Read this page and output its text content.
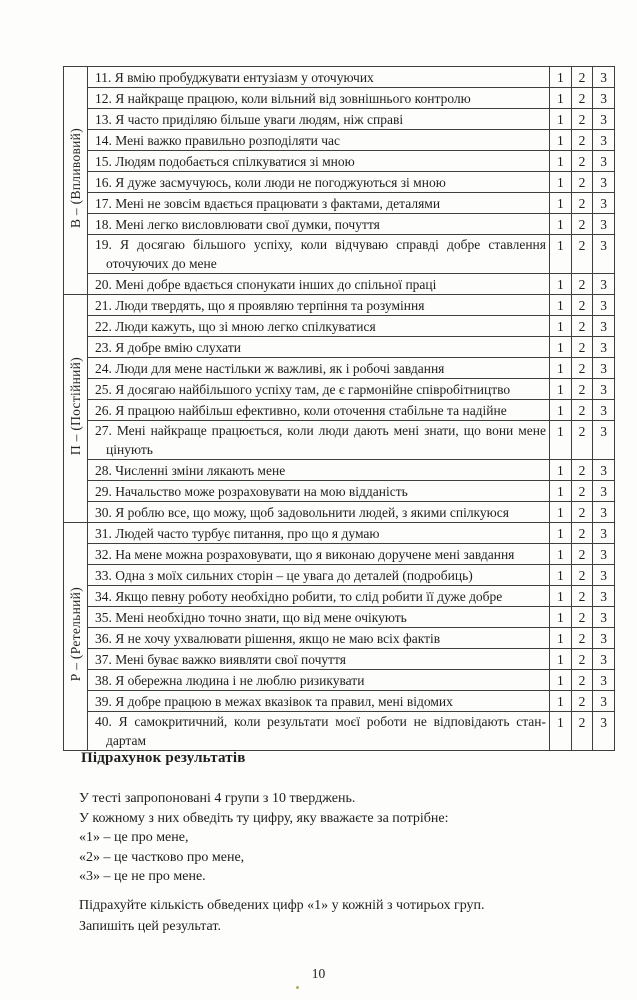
В – (Впливовий)	11. Я вмію пробуджувати ентузіазм у оточуючих	1	2	3

	12. Я найкраще працюю, коли вільний від зовнішнього контролю	1	2	3

	13. Я часто приділяю більше уваги людям, ніж справі	1	2	3

	14. Мені важко правильно розподіляти час	1	2	3

	15. Людям подобається спілкуватися зі мною	1	2	3

	16. Я дуже засмучуюсь, коли люди не погоджуються зі мною	1	2	3

	17. Мені не зовсім вдається працювати з фактами, деталями	1	2	3

	18. Мені легко висловлювати свої думки, почуття	1	2	3

	19. Я досягаю більшого успіху, коли відчуваю справді добре ставлення оточуючих до мене	1	2	3

	20. Мені добре вдається спонукати інших до спільної праці	1	2	3
П – (Постійний)	21. Люди твердять, що я проявляю терпіння та розуміння	1	2	3

	22. Люди кажуть, що зі мною легко спілкуватися	1	2	3

	23. Я добре вмію слухати	1	2	3

	24. Люди для мене настільки ж важливі, як і робочі завдання	1	2	3

	25. Я досягаю найбільшого успіху там, де є гармонійне співробітництво	1	2	3

	26. Я працюю найбільш ефективно, коли оточення стабільне та надійне	1	2	3

	27. Мені найкраще працюється, коли люди дають мені знати, що вони мене цінують	1	2	3

	28. Численні зміни лякають мене	1	2	3

	29. Начальство може розраховувати на мою відданість	1	2	3

	30. Я роблю все, що можу, щоб задовольнити людей, з якими спілкуюся	1	2	3
Р – (Ретельний)	31. Людей часто турбує питання, про що я думаю	1	2	3

	32. На мене можна розраховувати, що я виконаю доручене мені завдання	1	2	3

	33. Одна з моїх сильних сторін – це увага до деталей (подробиць)	1	2	3

	34. Якщо певну роботу необхідно робити, то слід робити її дуже добре	1	2	3

	35. Мені необхідно точно знати, що від мене очікують	1	2	3

	36. Я не хочу ухвалювати рішення, якщо не маю всіх фактів	1	2	3

	37. Мені буває важко виявляти свої почуття	1	2	3

	38. Я обережна людина і не люблю ризикувати	1	2	3

	39. Я добре працюю в межах вказівок та правил, мені відомих	1	2	3

	40. Я самокритичний, коли результати моєї роботи не відповідають стан-дартам	1	2	3
Підрахунок результатів
У тесті запропоновані 4 групи з 10 тверджень.
У кожному з них обведіть ту цифру, яку вважаєте за потрібне:
«1» – це про мене,
«2» – це частково про мене,
«3» – це не про мене.
Підрахуйте кількість обведених цифр «1» у кожній з чотирьох груп.
Запишіть цей результат.
10
